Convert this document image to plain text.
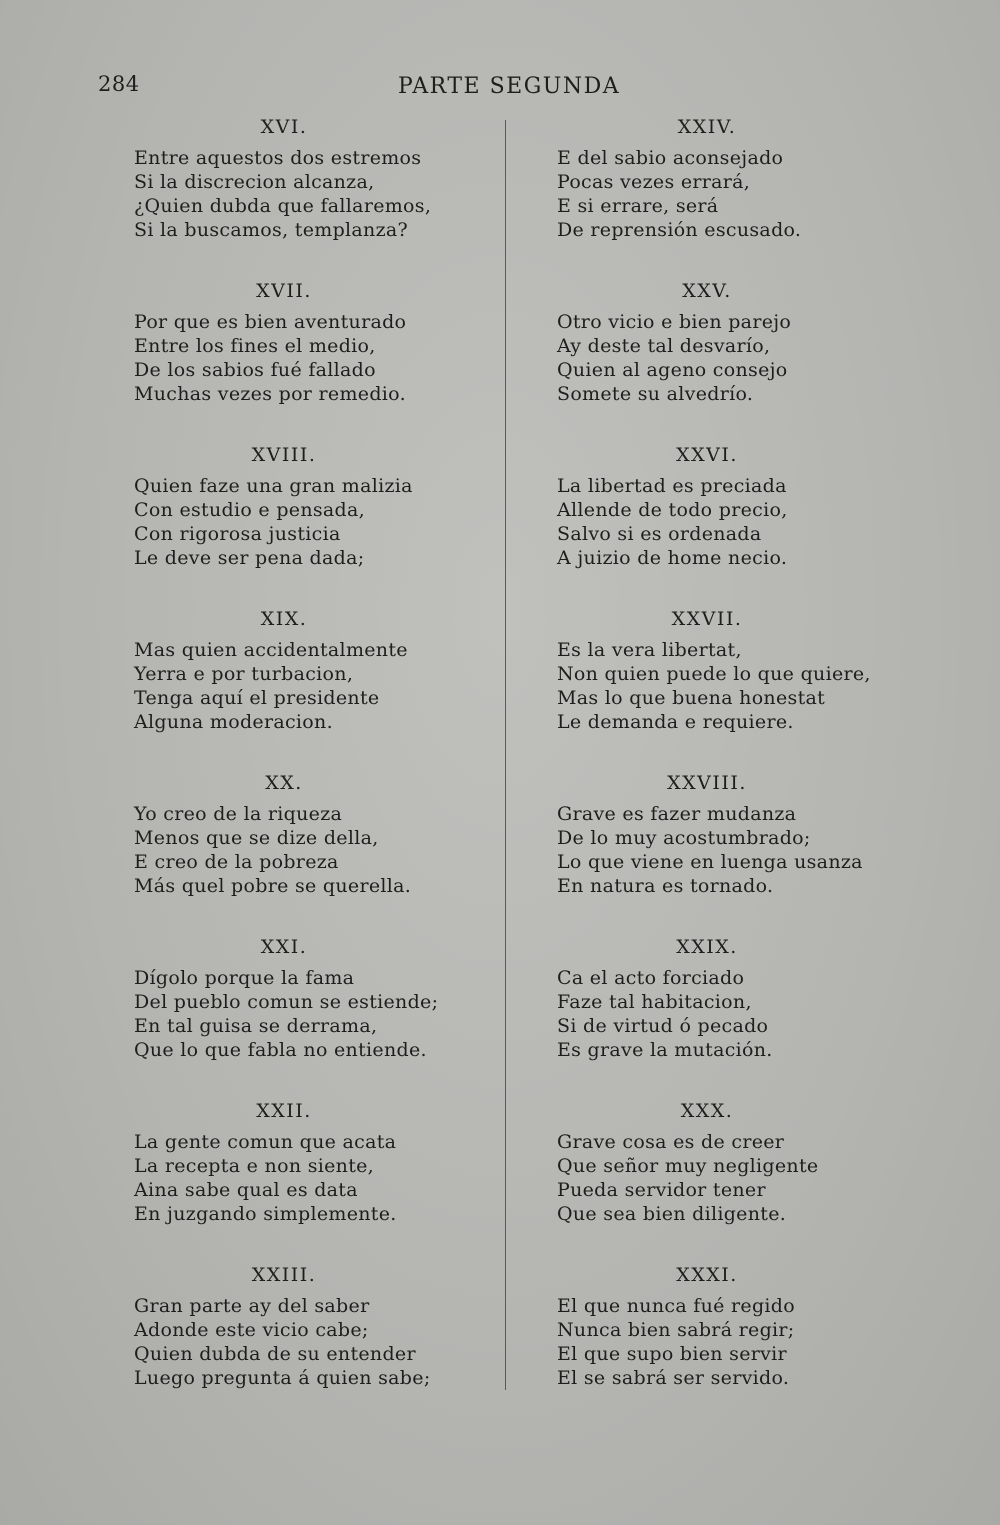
284	PARTE SEGUNDA
XVI.
Entre aquestos dos estremos
Si la discrecion alcanza,
¿Quien dubda que fallaremos,
Si la buscamos, templanza?
XVII.
Por que es bien aventurado
Entre los fines el medio,
De los sabios fué fallado
Muchas vezes por remedio.
XVIII.
Quien faze una gran malizia
Con estudio e pensada,
Con rigorosa justicia
Le deve ser pena dada;
XIX.
Mas quien accidentalmente
Yerra e por turbacion,
Tenga aquí el presidente
Alguna moderacion.
XX.
Yo creo de la riqueza
Menos que se dize della,
E creo de la pobreza
Más quel pobre se querella.
XXI.
Dígolo porque la fama
Del pueblo comun se estiende;
En tal guisa se derrama,
Que lo que fabla no entiende.
XXII.
La gente comun que acata
La recepta e non siente,
Aina sabe qual es data
En juzgando simplemente.
XXIII.
Gran parte ay del saber
Adonde este vicio cabe;
Quien dubda de su entender
Luego pregunta á quien sabe;
XXIV.
E del sabio aconsejado
Pocas vezes errará,
E si errare, será
De reprensión escusado.
XXV.
Otro vicio e bien parejo
Ay deste tal desvarío,
Quien al ageno consejo
Somete su alvedrío.
XXVI.
La libertad es preciada
Allende de todo precio,
Salvo si es ordenada
A juizio de home necio.
XXVII.
Es la vera libertat,
Non quien puede lo que quiere,
Mas lo que buena honestat
Le demanda e requiere.
XXVIII.
Grave es fazer mudanza
De lo muy acostumbrado;
Lo que viene en luenga usanza
En natura es tornado.
XXIX.
Ca el acto forciado
Faze tal habitacion,
Si de virtud ó pecado
Es grave la mutación.
XXX.
Grave cosa es de creer
Que señor muy negligente
Pueda servidor tener
Que sea bien diligente.
XXXI.
El que nunca fué regido
Nunca bien sabrá regir;
El que supo bien servir
El se sabrá ser servido.
